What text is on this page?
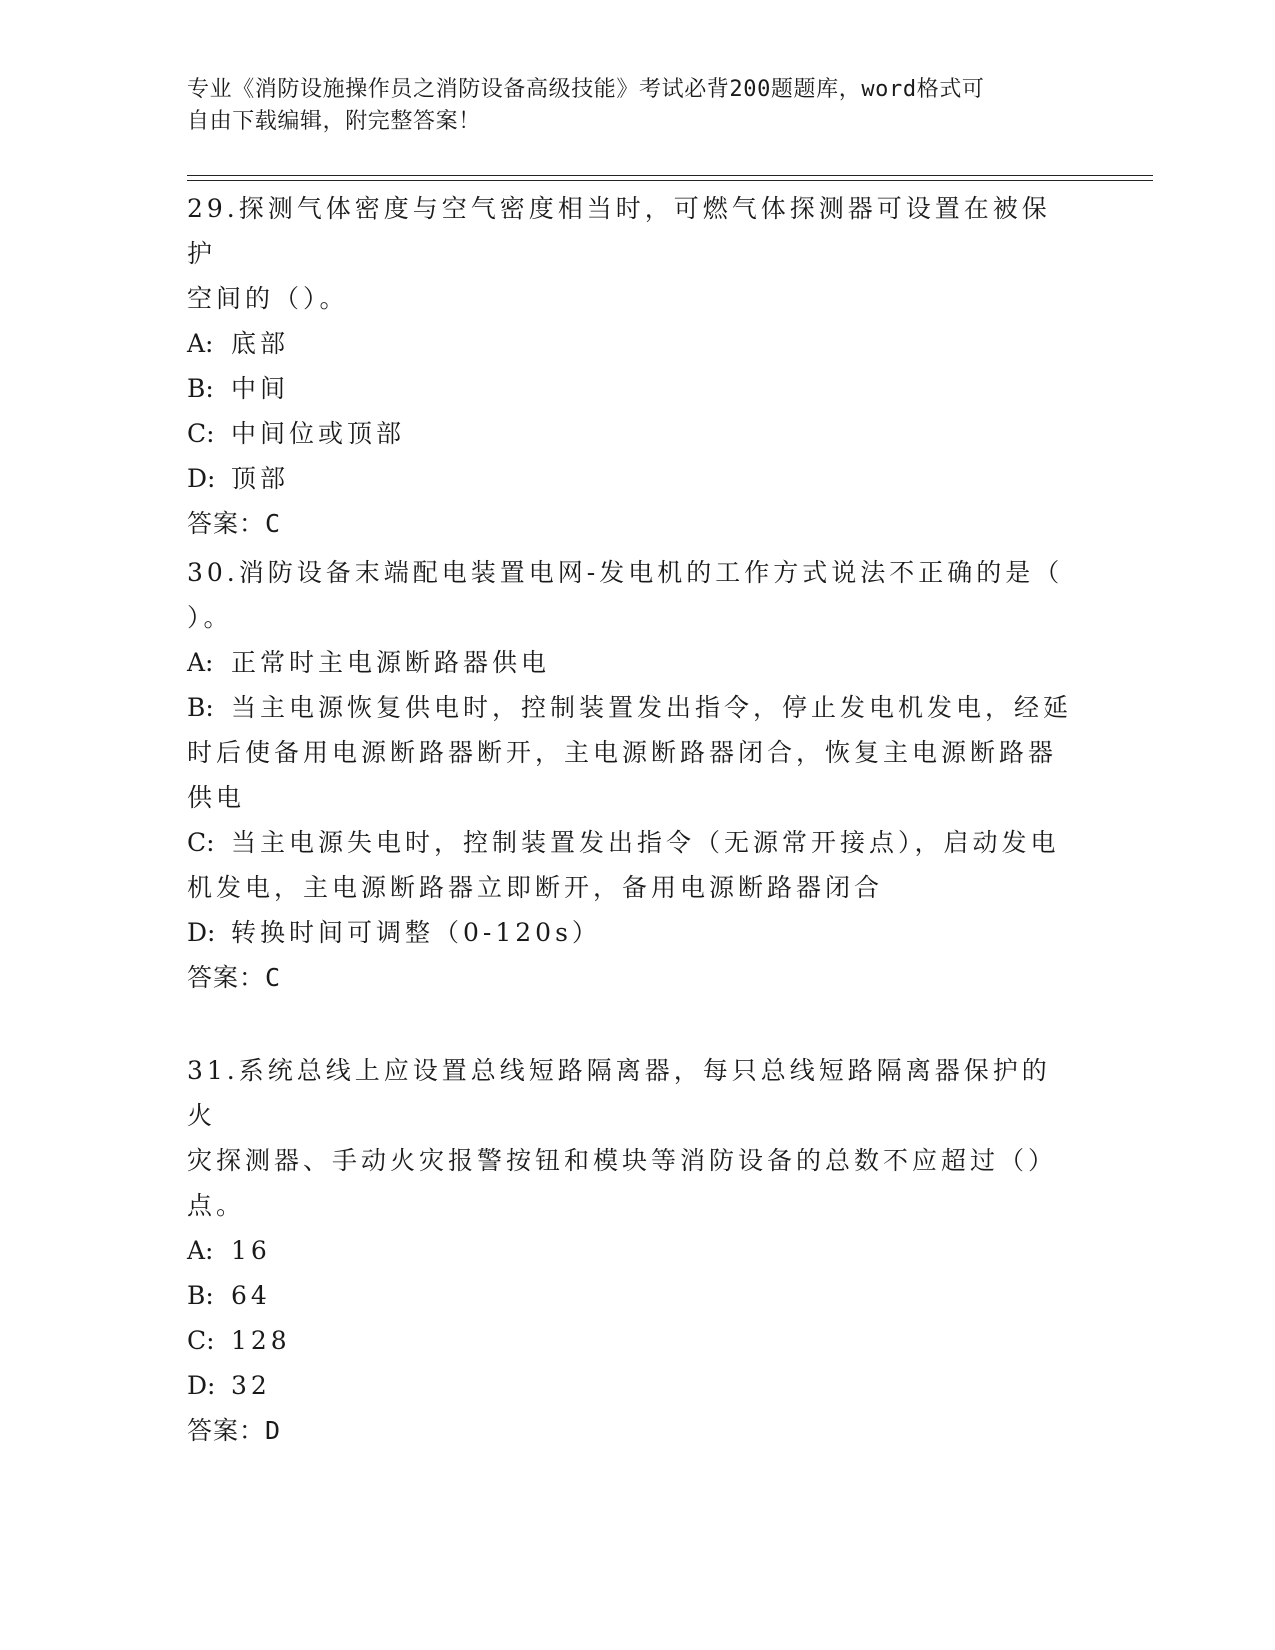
专业《消防设施操作员之消防设备高级技能》考试必背200题题库，word格式可
自由下载编辑，附完整答案！

29.探测气体密度与空气密度相当时，可燃气体探测器可设置在被保护

空间的（）。

A: 底部

B: 中间

C: 中间位或顶部

D: 顶部

答案：C

30.消防设备末端配电装置电网-发电机的工作方式说法不正确的是（

）。

A: 正常时主电源断路器供电

B: 当主电源恢复供电时，控制装置发出指令，停止发电机发电，经延

时后使备用电源断路器断开，主电源断路器闭合，恢复主电源断路器

供电

C: 当主电源失电时，控制装置发出指令（无源常开接点），启动发电

机发电，主电源断路器立即断开，备用电源断路器闭合

D: 转换时间可调整（0-120s）

答案：C

31.系统总线上应设置总线短路隔离器，每只总线短路隔离器保护的火

灾探测器、手动火灾报警按钮和模块等消防设备的总数不应超过（）

点。

A: 16

B: 64

C: 128

D: 32

答案：D
